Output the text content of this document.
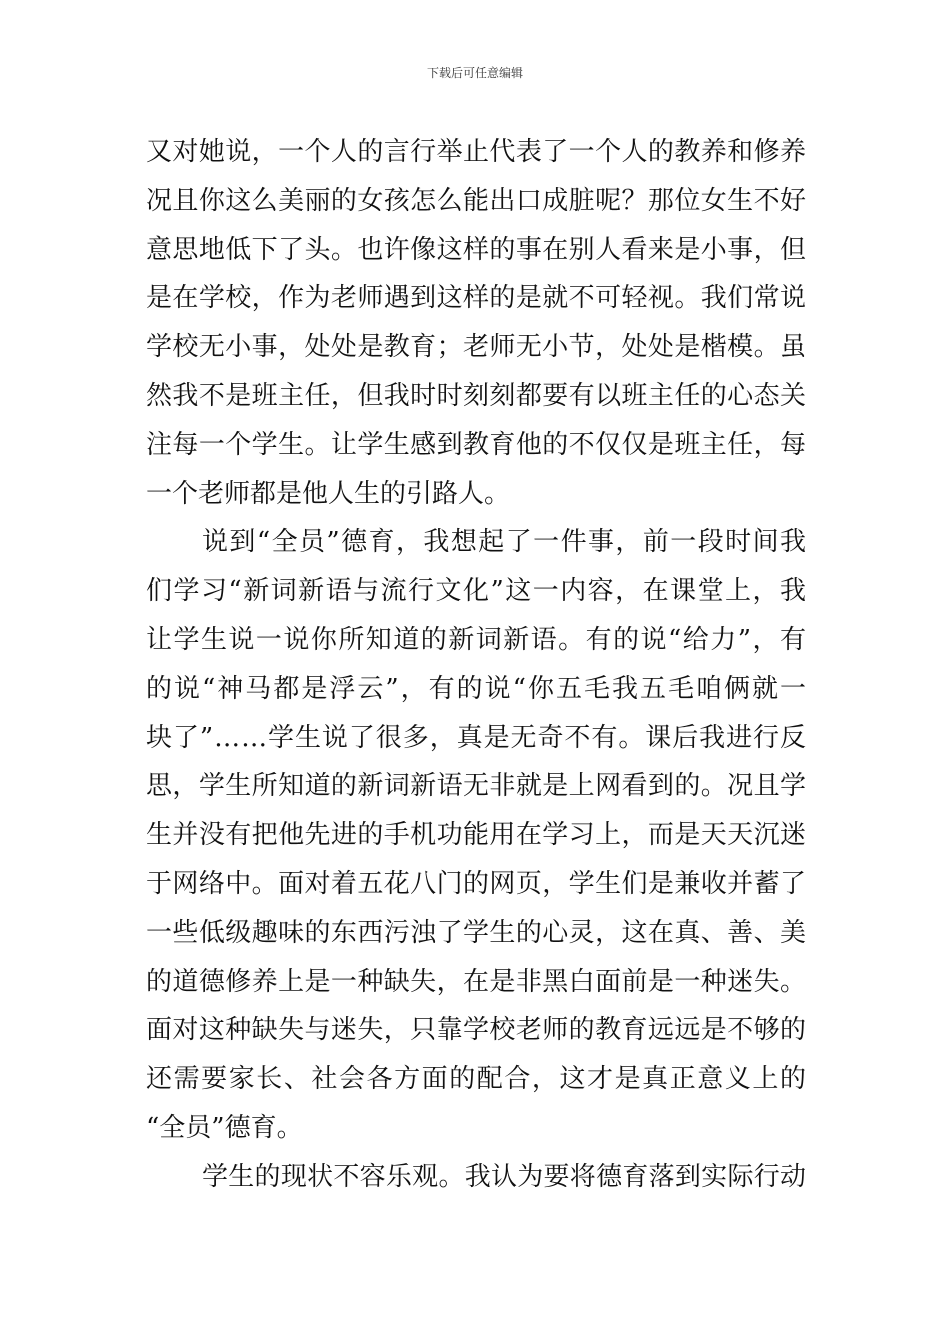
下载后可任意编辑
又对她说，一个人的言行举止代表了一个人的教养和修养
况且你这么美丽的女孩怎么能出口成脏呢？那位女生不好
意思地低下了头。也许像这样的事在别人看来是小事，但
是在学校，作为老师遇到这样的是就不可轻视。我们常说
学校无小事，处处是教育；老师无小节，处处是楷模。虽
然我不是班主任，但我时时刻刻都要有以班主任的心态关
注每一个学生。让学生感到教育他的不仅仅是班主任，每
一个老师都是他人生的引路人。
说到“全员”德育，我想起了一件事，前一段时间我
们学习“新词新语与流行文化”这一内容，在课堂上，我
让学生说一说你所知道的新词新语。有的说“给力”，有
的说“神马都是浮云”，有的说“你五毛我五毛咱俩就一
块了”……学生说了很多，真是无奇不有。课后我进行反
思，学生所知道的新词新语无非就是上网看到的。况且学
生并没有把他先进的手机功能用在学习上，而是天天沉迷
于网络中。面对着五花八门的网页，学生们是兼收并蓄了
一些低级趣味的东西污浊了学生的心灵，这在真、善、美
的道德修养上是一种缺失，在是非黑白面前是一种迷失。
面对这种缺失与迷失，只靠学校老师的教育远远是不够的
还需要家长、社会各方面的配合，这才是真正意义上的
“全员”德育。
学生的现状不容乐观。我认为要将德育落到实际行动
